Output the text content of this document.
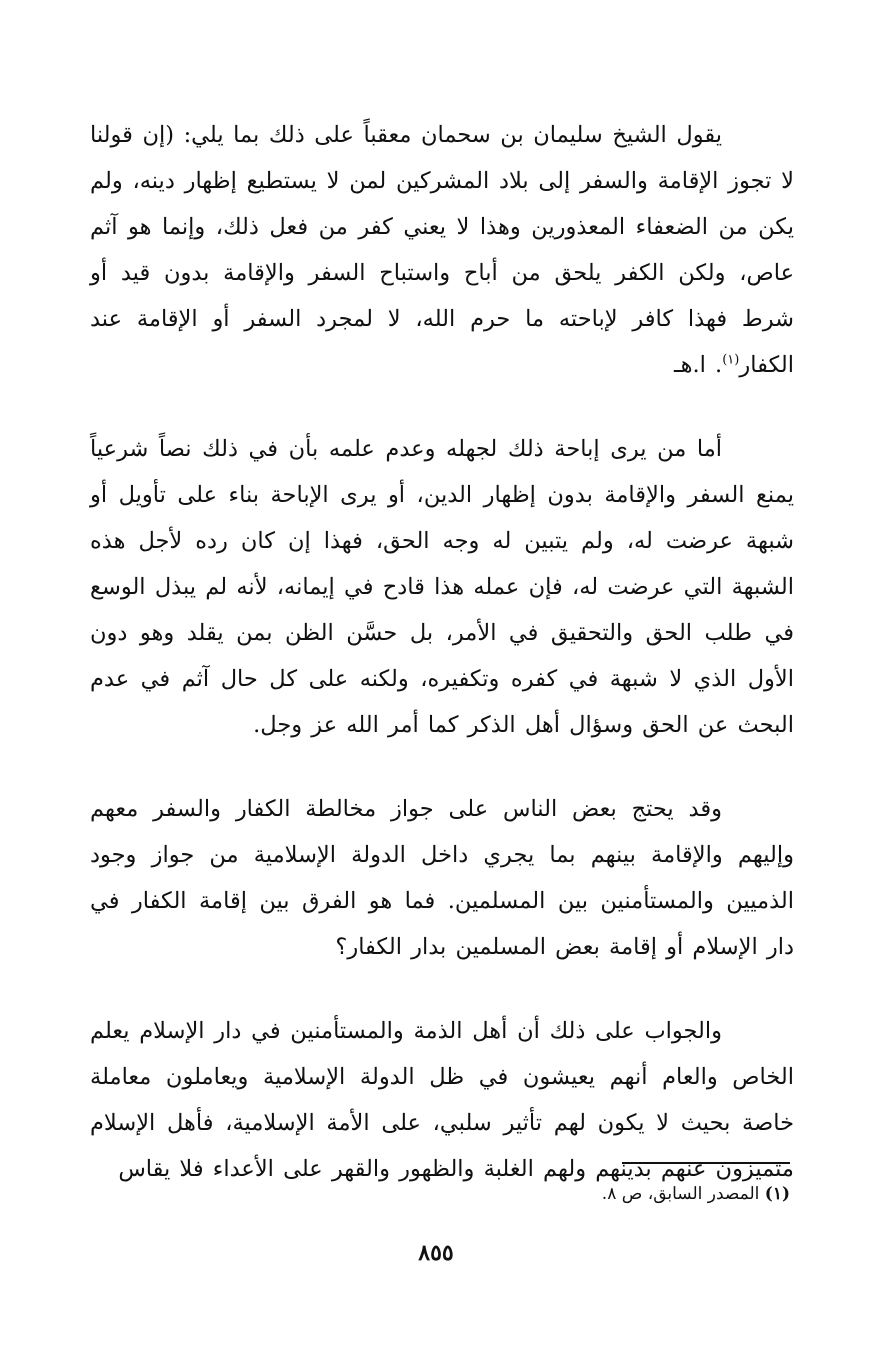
يقول الشيخ سليمان بن سحمان معقباً على ذلك بما يلي: (إن قولنا لا تجوز الإقامة والسفر إلى بلاد المشركين لمن لا يستطيع إظهار دينه، ولم يكن من الضعفاء المعذورين وهذا لا يعني كفر من فعل ذلك، وإنما هو آثم عاص، ولكن الكفر يلحق من أباح واستباح السفر والإقامة بدون قيد أو شرط فهذا كافر لإباحته ما حرم الله، لا لمجرد السفر أو الإقامة عند الكفار$^{(١)}$. ا.هـ

أما من يرى إباحة ذلك لجهله وعدم علمه بأن في ذلك نصاً شرعياً يمنع السفر والإقامة بدون إظهار الدين، أو يرى الإباحة بناء على تأويل أو شبهة عرضت له، ولم يتبين له وجه الحق، فهذا إن كان رده لأجل هذه الشبهة التي عرضت له، فإن عمله هذا قادح في إيمانه، لأنه لم يبذل الوسع في طلب الحق والتحقيق في الأمر، بل حسَّن الظن بمن يقلد وهو دون الأول الذي لا شبهة في كفره وتكفيره، ولكنه على كل حال آثم في عدم البحث عن الحق وسؤال أهل الذكر كما أمر الله عز وجل.

وقد يحتج بعض الناس على جواز مخالطة الكفار والسفر معهم وإليهم والإقامة بينهم بما يجري داخل الدولة الإسلامية من جواز وجود الذميين والمستأمنين بين المسلمين. فما هو الفرق بين إقامة الكفار في دار الإسلام أو إقامة بعض المسلمين بدار الكفار؟

والجواب على ذلك أن أهل الذمة والمستأمنين في دار الإسلام يعلم الخاص والعام أنهم يعيشون في ظل الدولة الإسلامية ويعاملون معاملة خاصة بحيث لا يكون لهم تأثير سلبي، على الأمة الإسلامية، فأهل الإسلام متميزون عنهم بدينهم ولهم الغلبة والظهور والقهر على الأعداء فلا يقاس

(١) المصدر السابق، ص ٨.
٨٥٥
